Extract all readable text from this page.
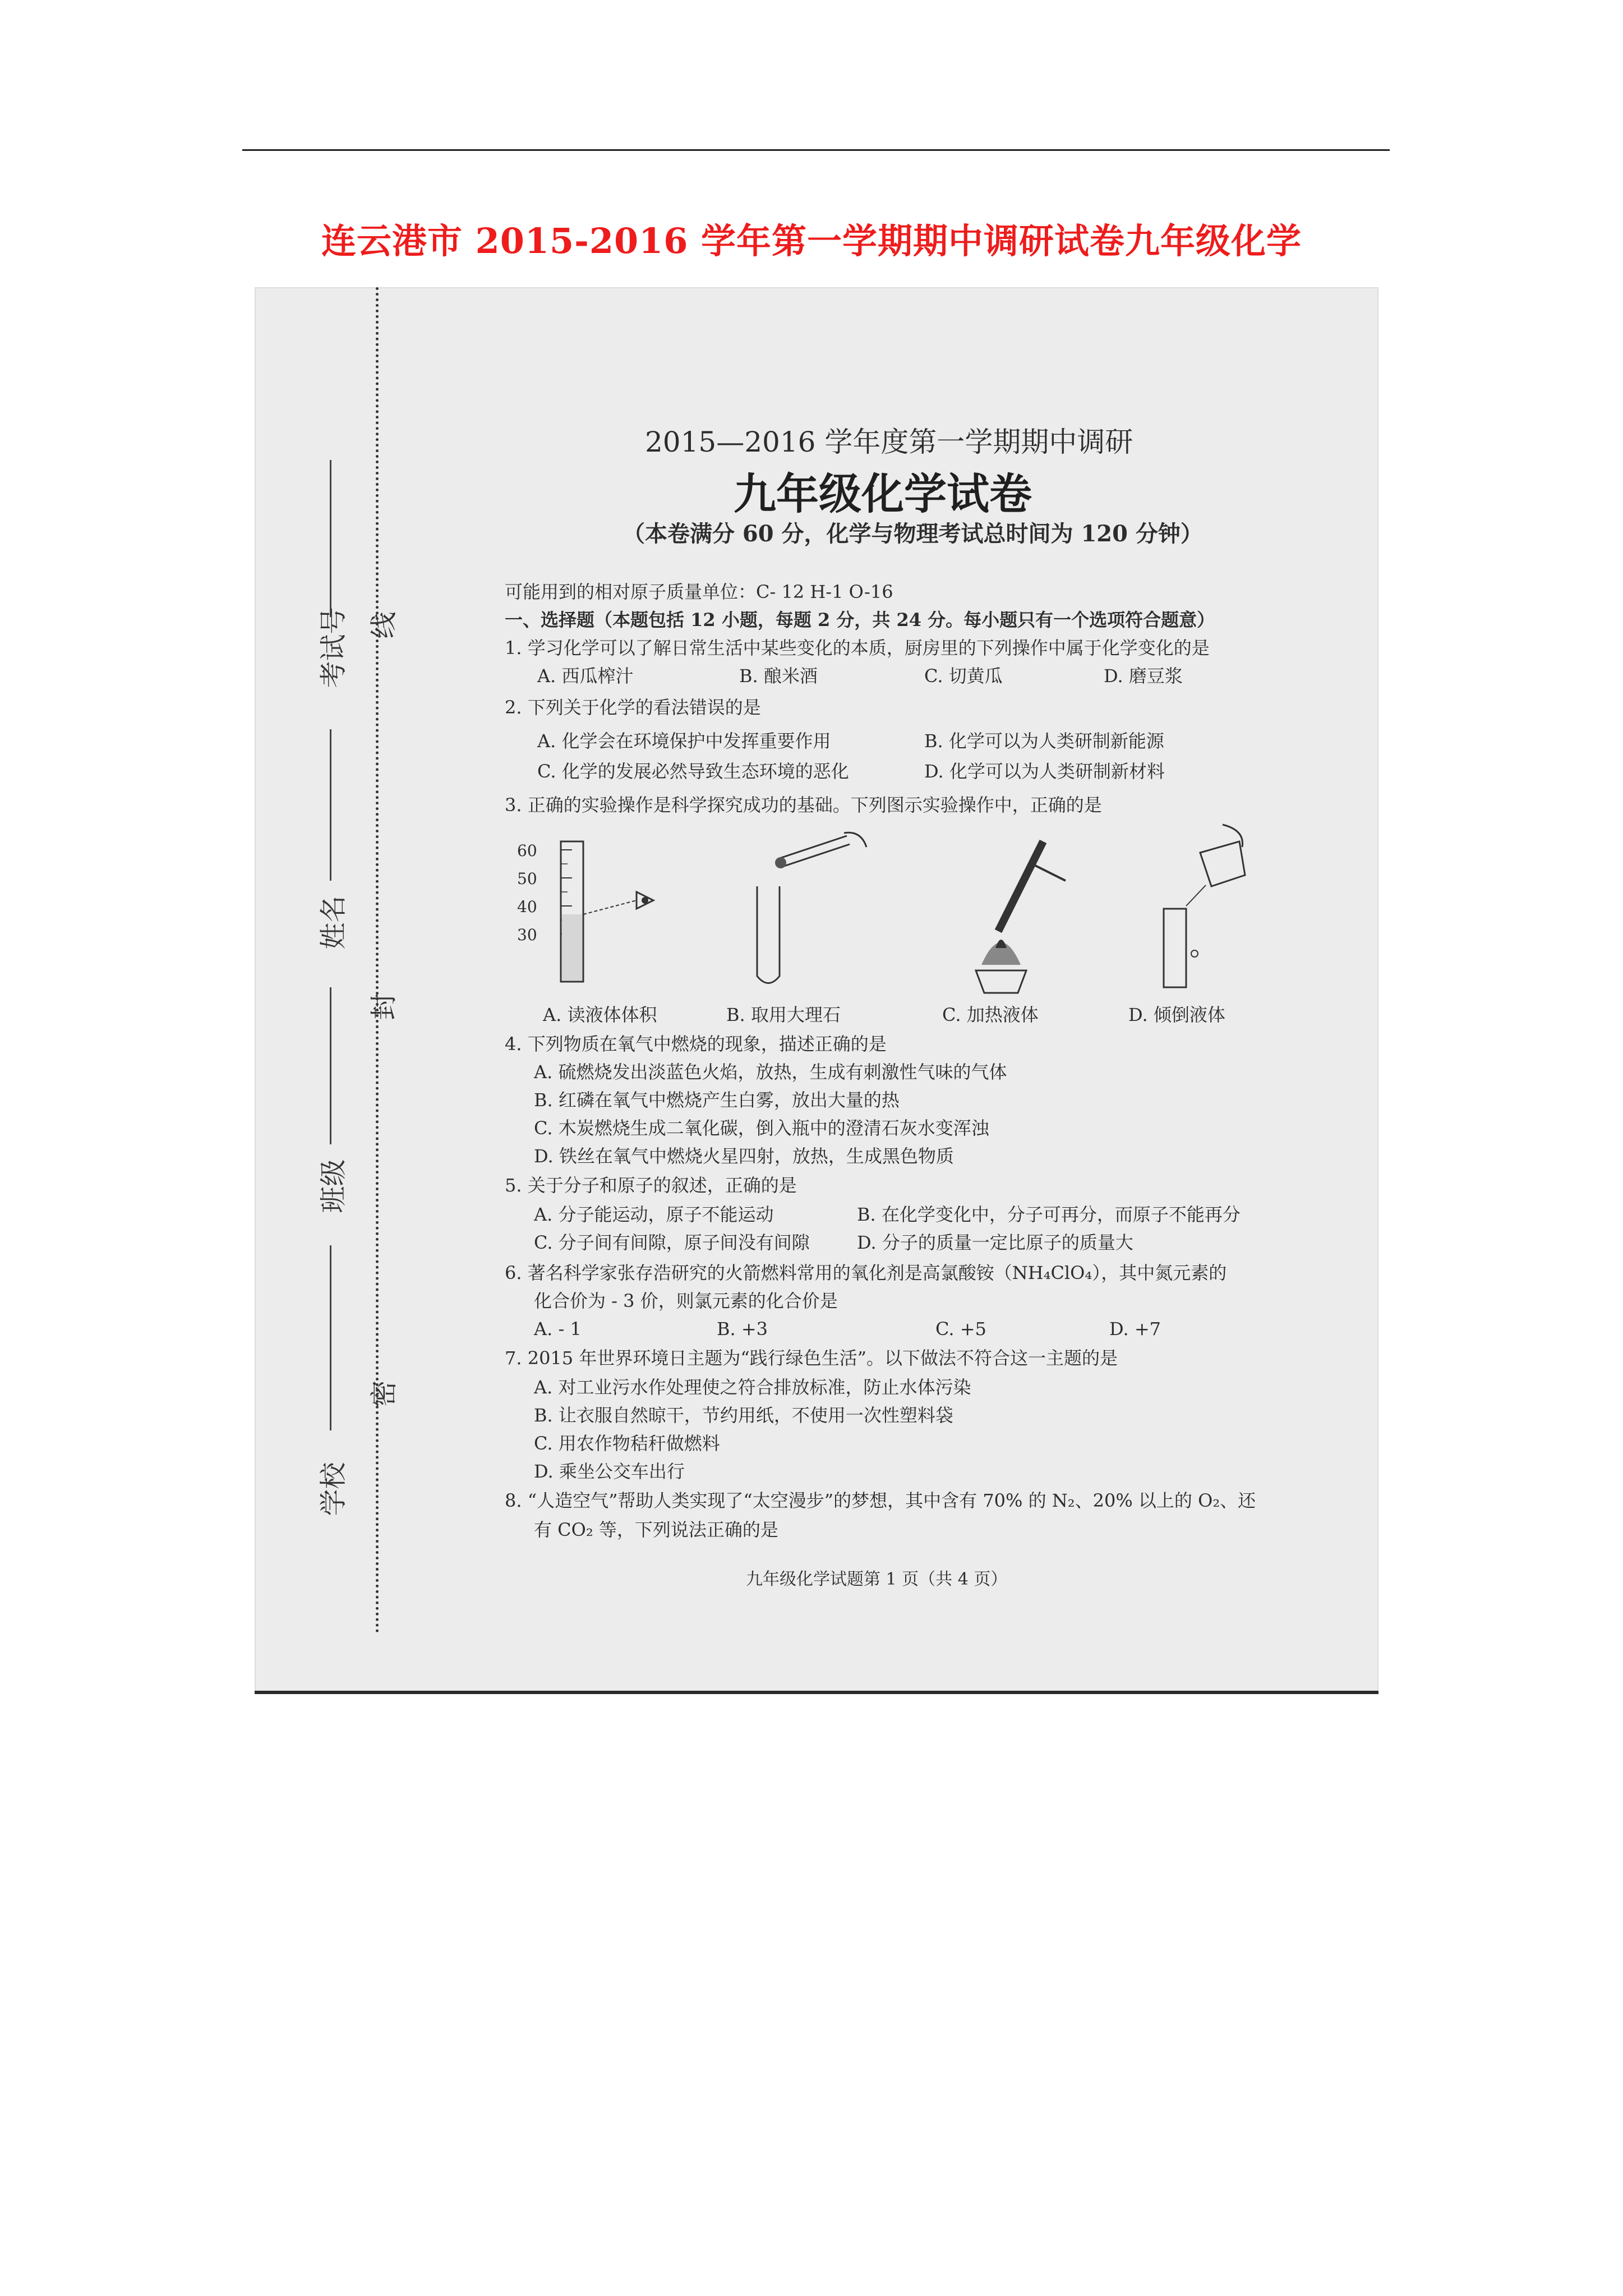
连云港市 2015-2016 学年第一学期期中调研试卷九年级化学
线
封
密
考试号
姓名
班级
学校
2015—2016 学年度第一学期期中调研
九年级化学试卷
（本卷满分 60 分，化学与物理考试总时间为 120 分钟）
可能用到的相对原子质量单位：C- 12 H-1 O-16
一、选择题（本题包括 12 小题，每题 2 分，共 24 分。每小题只有一个选项符合题意）
1. 学习化学可以了解日常生活中某些变化的本质，厨房里的下列操作中属于化学变化的是
A. 西瓜榨汁	B. 酿米酒	C. 切黄瓜	D. 磨豆浆
2. 下列关于化学的看法错误的是
A. 化学会在环境保护中发挥重要作用	B. 化学可以为人类研制新能源
C. 化学的发展必然导致生态环境的恶化	D. 化学可以为人类研制新材料
3. 正确的实验操作是科学探究成功的基础。下列图示实验操作中，正确的是
60
50
40
30
A. 读液体体积	B. 取用大理石	C. 加热液体	D. 倾倒液体
4. 下列物质在氧气中燃烧的现象，描述正确的是
A. 硫燃烧发出淡蓝色火焰，放热，生成有刺激性气味的气体
B. 红磷在氧气中燃烧产生白雾，放出大量的热
C. 木炭燃烧生成二氧化碳，倒入瓶中的澄清石灰水变浑浊
D. 铁丝在氧气中燃烧火星四射，放热，生成黑色物质
5. 关于分子和原子的叙述，正确的是
A. 分子能运动，原子不能运动	B. 在化学变化中，分子可再分，而原子不能再分
C. 分子间有间隙，原子间没有间隙	D. 分子的质量一定比原子的质量大
6. 著名科学家张存浩研究的火箭燃料常用的氧化剂是高氯酸铵（NH₄ClO₄），其中氮元素的
化合价为 - 3 价，则氯元素的化合价是
A. - 1	B. +3	C. +5	D. +7
7. 2015 年世界环境日主题为“践行绿色生活”。以下做法不符合这一主题的是
A. 对工业污水作处理使之符合排放标准，防止水体污染
B. 让衣服自然晾干，节约用纸，不使用一次性塑料袋
C. 用农作物秸秆做燃料
D. 乘坐公交车出行
8. “人造空气”帮助人类实现了“太空漫步”的梦想，其中含有 70% 的 N₂、20% 以上的 O₂、还
有 CO₂ 等，下列说法正确的是
九年级化学试题第 1 页（共 4 页）
